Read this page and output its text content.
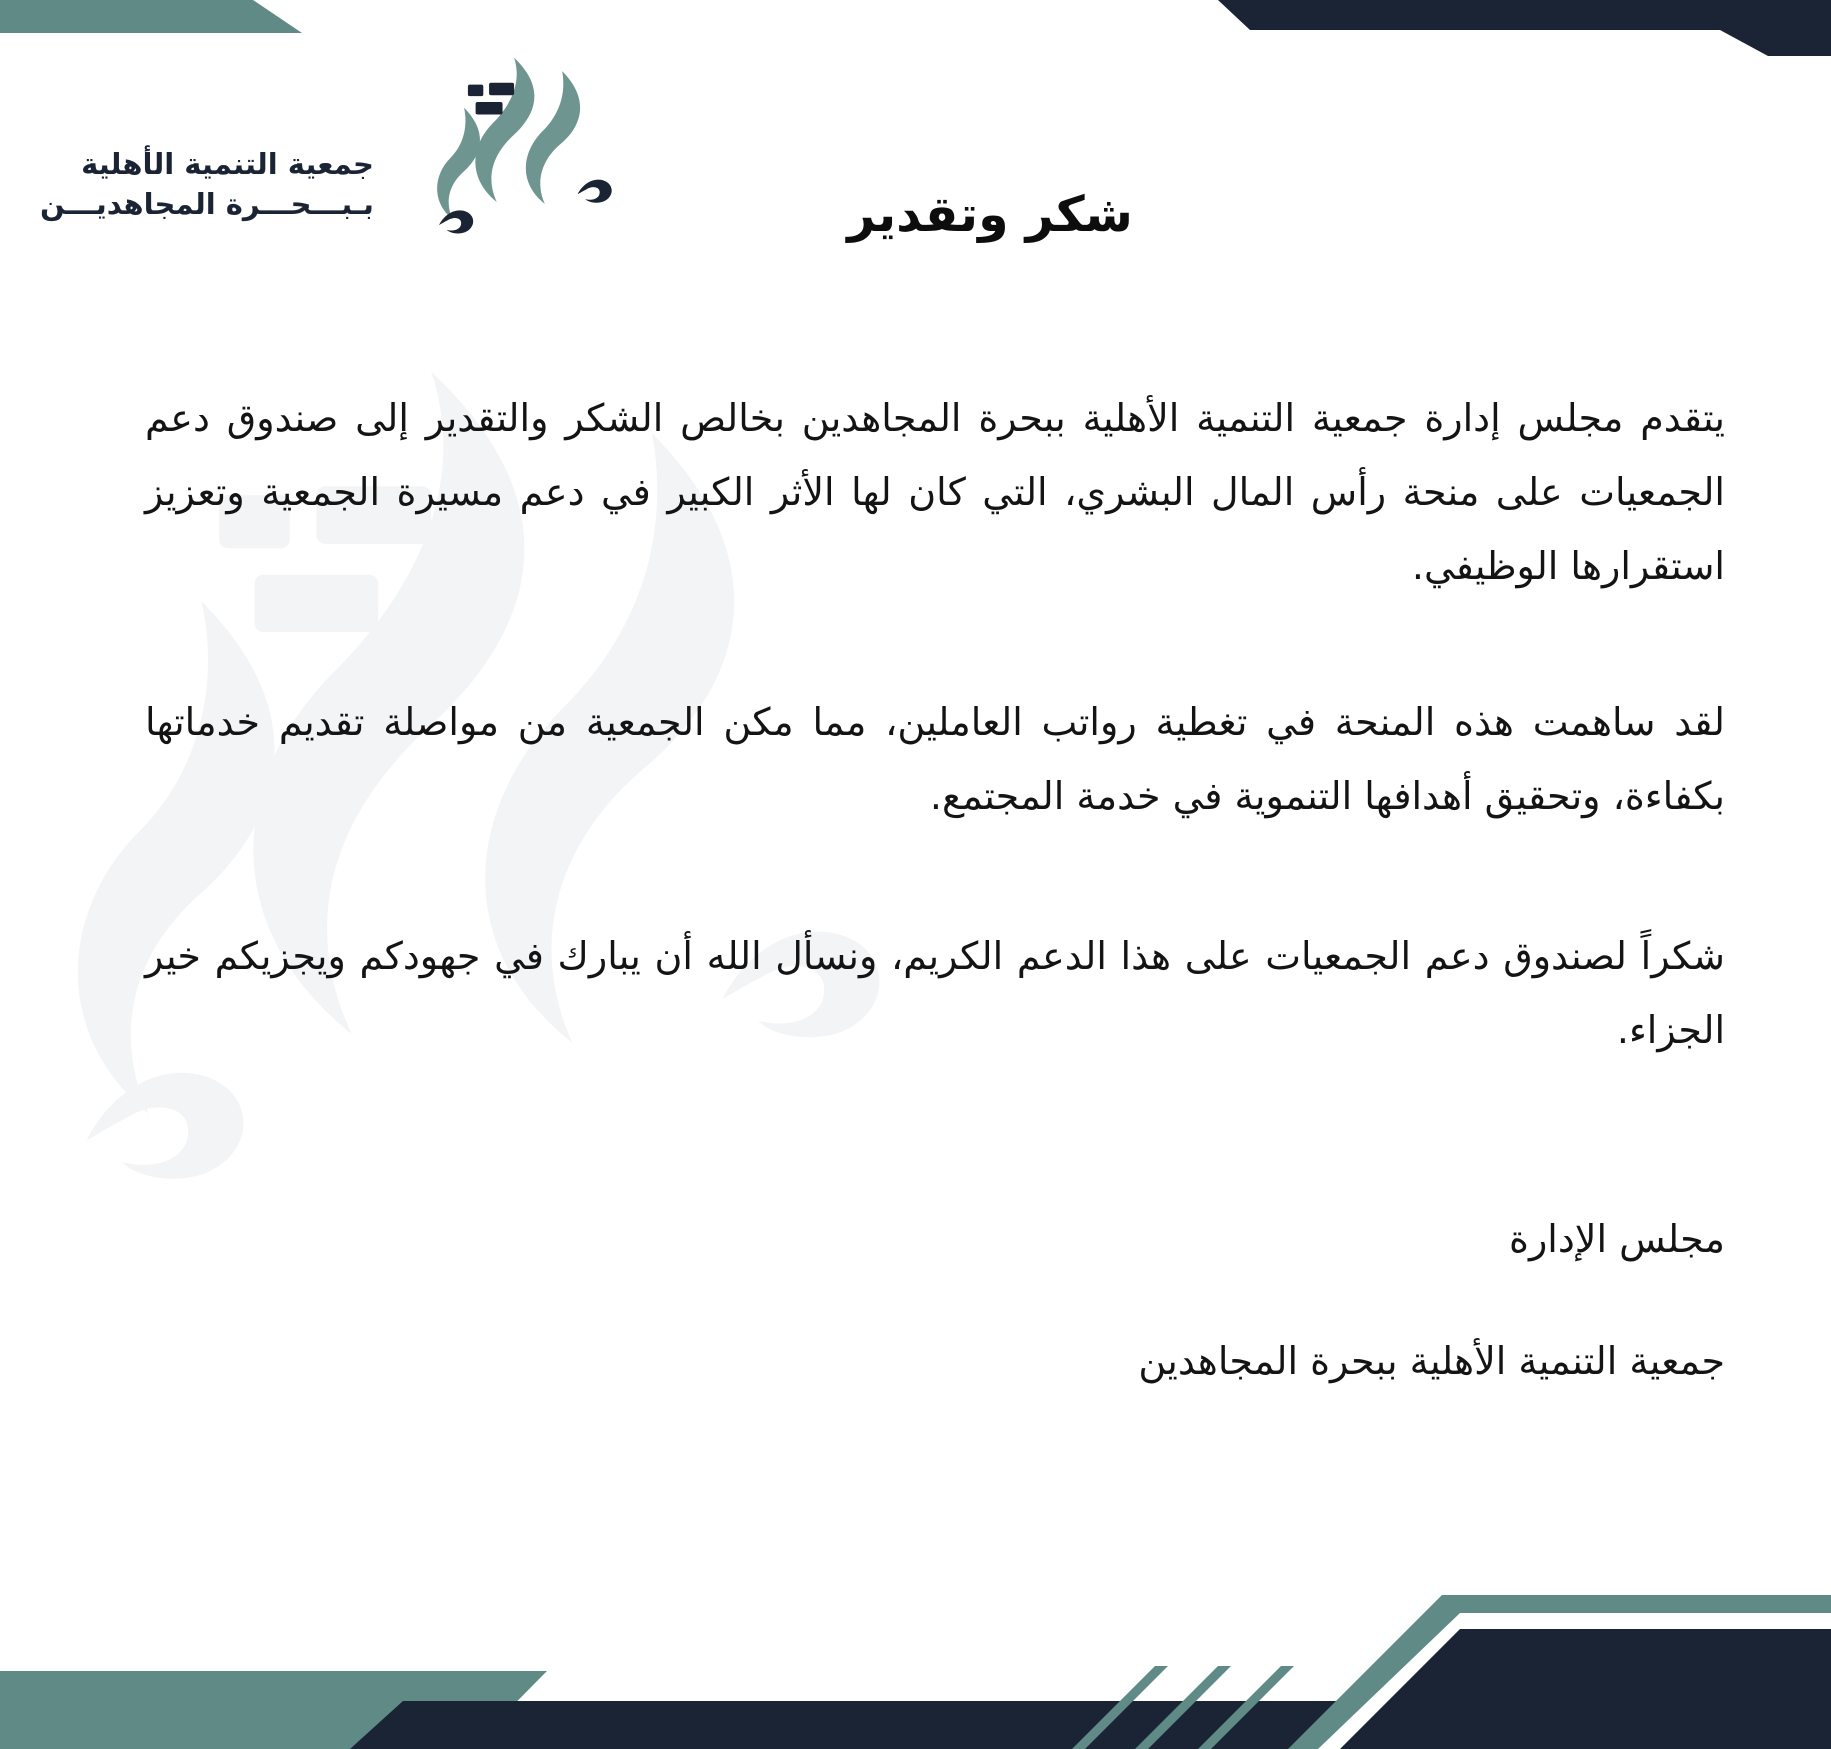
جمعية التنمية الأهلية
بـبـــحـــرة المجاهديـــن	شكر وتقدير

يتقدم مجلس إدارة جمعية التنمية الأهلية ببحرة المجاهدين بخالص الشكر والتقدير إلى صندوق دعم الجمعيات على منحة رأس المال البشري، التي كان لها الأثر الكبير في دعم مسيرة الجمعية وتعزيز استقرارها الوظيفي.

لقد ساهمت هذه المنحة في تغطية رواتب العاملين، مما مكن الجمعية من مواصلة تقديم خدماتها بكفاءة، وتحقيق أهدافها التنموية في خدمة المجتمع.

شكراً لصندوق دعم الجمعيات على هذا الدعم الكريم، ونسأل الله أن يبارك في جهودكم ويجزيكم خير الجزاء.

مجلس الإدارة

جمعية التنمية الأهلية ببحرة المجاهدين
